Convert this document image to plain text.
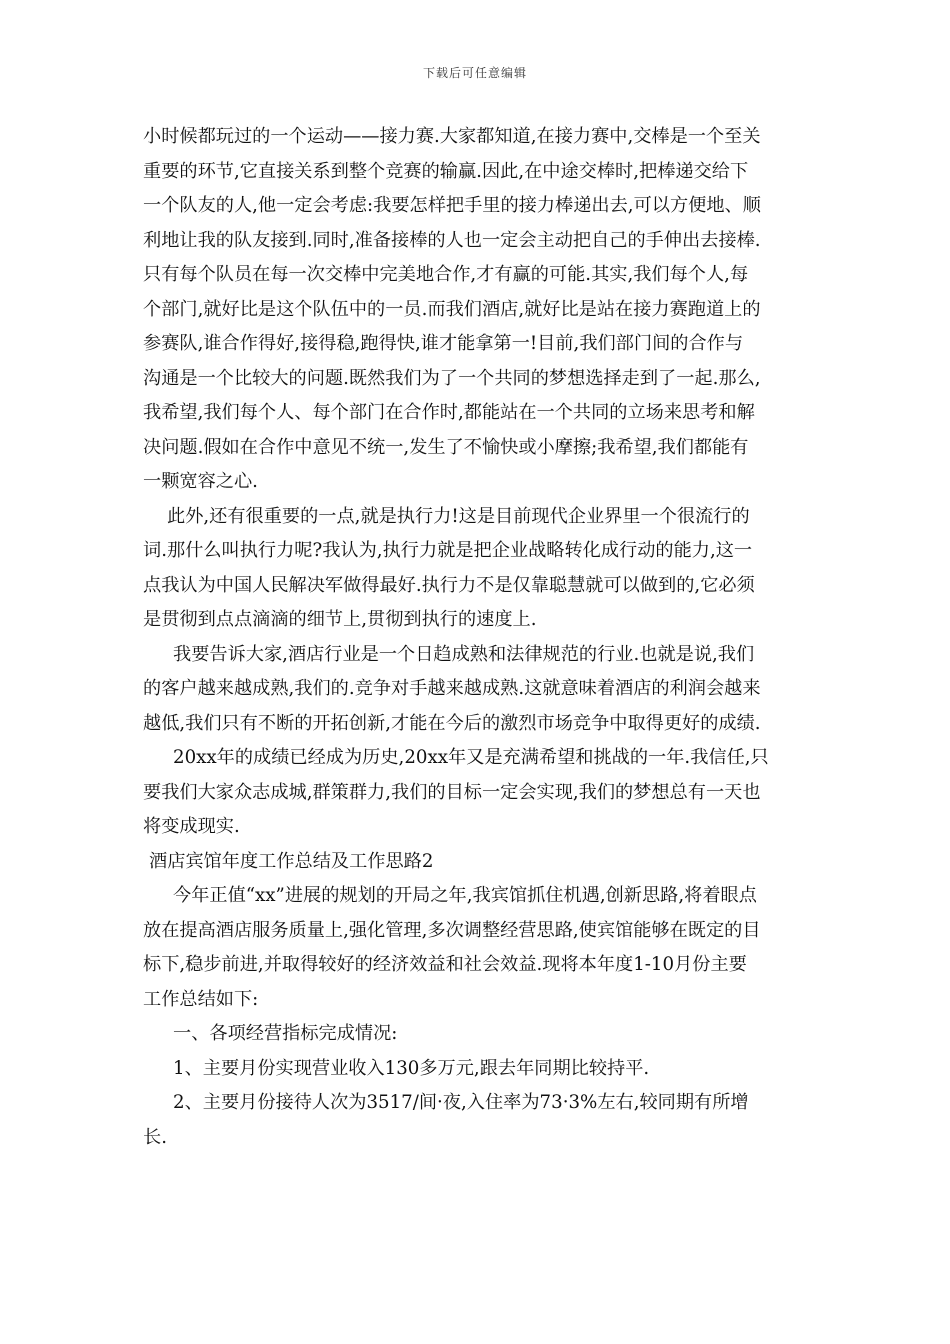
下载后可任意编辑
小时候都玩过的一个运动——接力赛.大家都知道,在接力赛中,交棒是一个至关
重要的环节,它直接关系到整个竞赛的输赢.因此,在中途交棒时,把棒递交给下
一个队友的人,他一定会考虑:我要怎样把手里的接力棒递出去,可以方便地、顺
利地让我的队友接到.同时,准备接棒的人也一定会主动把自己的手伸出去接棒.
只有每个队员在每一次交棒中完美地合作,才有赢的可能.其实,我们每个人,每
个部门,就好比是这个队伍中的一员.而我们酒店,就好比是站在接力赛跑道上的
参赛队,谁合作得好,接得稳,跑得快,谁才能拿第一!目前,我们部门间的合作与
沟通是一个比较大的问题.既然我们为了一个共同的梦想选择走到了一起.那么,
我希望,我们每个人、每个部门在合作时,都能站在一个共同的立场来思考和解
决问题.假如在合作中意见不统一,发生了不愉快或小摩擦;我希望,我们都能有
一颗宽容之心.
此外,还有很重要的一点,就是执行力!这是目前现代企业界里一个很流行的
词.那什么叫执行力呢?我认为,执行力就是把企业战略转化成行动的能力,这一
点我认为中国人民解决军做得最好.执行力不是仅靠聪慧就可以做到的,它必须
是贯彻到点点滴滴的细节上,贯彻到执行的速度上.
我要告诉大家,酒店行业是一个日趋成熟和法律规范的行业.也就是说,我们
的客户越来越成熟,我们的.竞争对手越来越成熟.这就意味着酒店的利润会越来
越低,我们只有不断的开拓创新,才能在今后的激烈市场竞争中取得更好的成绩.
20xx年的成绩已经成为历史,20xx年又是充满希望和挑战的一年.我信任,只
要我们大家众志成城,群策群力,我们的目标一定会实现,我们的梦想总有一天也
将变成现实.
酒店宾馆年度工作总结及工作思路2
今年正值“xx”进展的规划的开局之年,我宾馆抓住机遇,创新思路,将着眼点
放在提高酒店服务质量上,强化管理,多次调整经营思路,使宾馆能够在既定的目
标下,稳步前进,并取得较好的经济效益和社会效益.现将本年度1-10月份主要
工作总结如下:
一、各项经营指标完成情况:
1、主要月份实现营业收入130多万元,跟去年同期比较持平.
2、主要月份接待人次为3517/间·夜,入住率为73·3%左右,较同期有所增
长.
